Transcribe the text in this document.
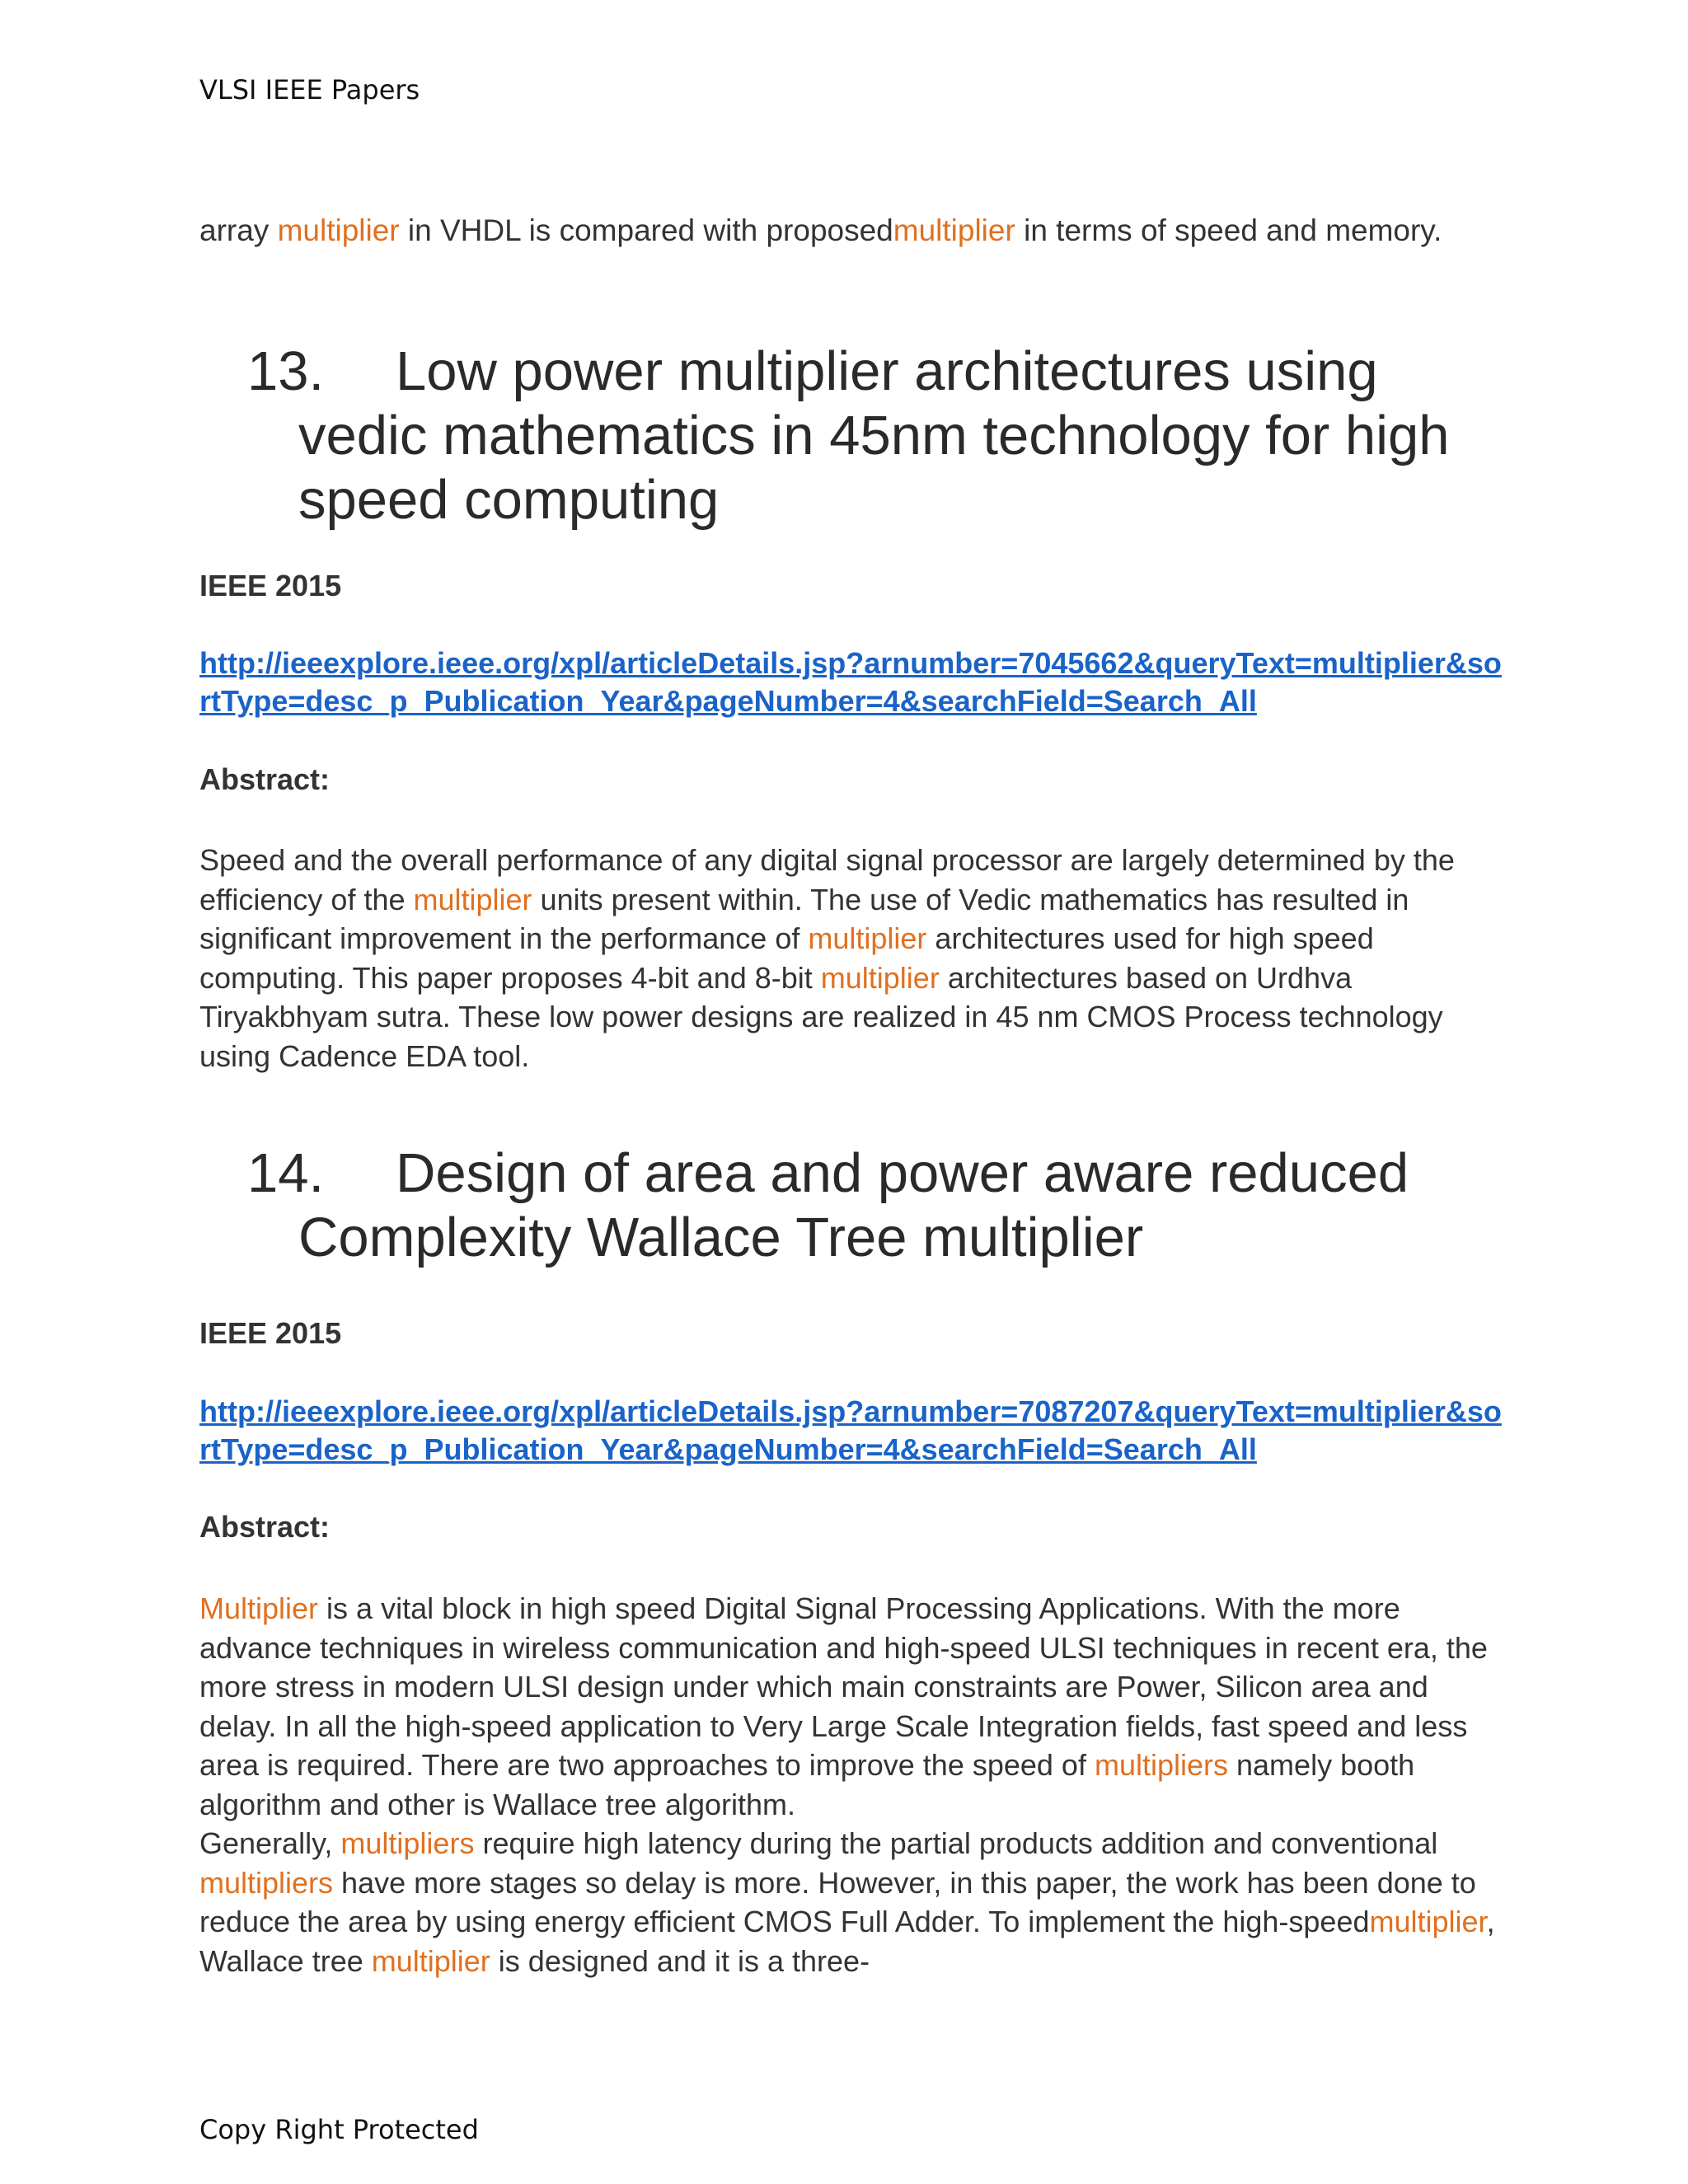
VLSI IEEE Papers
array multiplier in VHDL is compared with proposedmultiplier in terms of speed and memory.
13. Low power multiplier architectures using
vedic mathematics in 45nm technology for high
speed computing
IEEE 2015
http://ieeexplore.ieee.org/xpl/articleDetails.jsp?arnumber=7045662&queryText=multiplier&sortType=desc_p_Publication_Year&pageNumber=4&searchField=Search_All
Abstract:
Speed and the overall performance of any digital signal processor are largely determined by the efficiency of the multiplier units present within. The use of Vedic mathematics has resulted in significant improvement in the performance of multiplier architectures used for high speed computing. This paper proposes 4-bit and 8-bit multiplier architectures based on Urdhva Tiryakbhyam sutra. These low power designs are realized in 45 nm CMOS Process technology using Cadence EDA tool.
14. Design of area and power aware reduced
Complexity Wallace Tree multiplier
IEEE 2015
http://ieeexplore.ieee.org/xpl/articleDetails.jsp?arnumber=7087207&queryText=multiplier&sortType=desc_p_Publication_Year&pageNumber=4&searchField=Search_All
Abstract:
Multiplier is a vital block in high speed Digital Signal Processing Applications. With the more advance techniques in wireless communication and high-speed ULSI techniques in recent era, the more stress in modern ULSI design under which main constraints are Power, Silicon area and delay. In all the high-speed application to Very Large Scale Integration fields, fast speed and less area is required. There are two approaches to improve the speed of multipliers namely booth algorithm and other is Wallace tree algorithm.
Generally, multipliers require high latency during the partial products addition and conventional multipliers have more stages so delay is more. However, in this paper, the work has been done to reduce the area by using energy efficient CMOS Full Adder. To implement the high-speedmultiplier, Wallace tree multiplier is designed and it is a three-
Copy Right Protected
